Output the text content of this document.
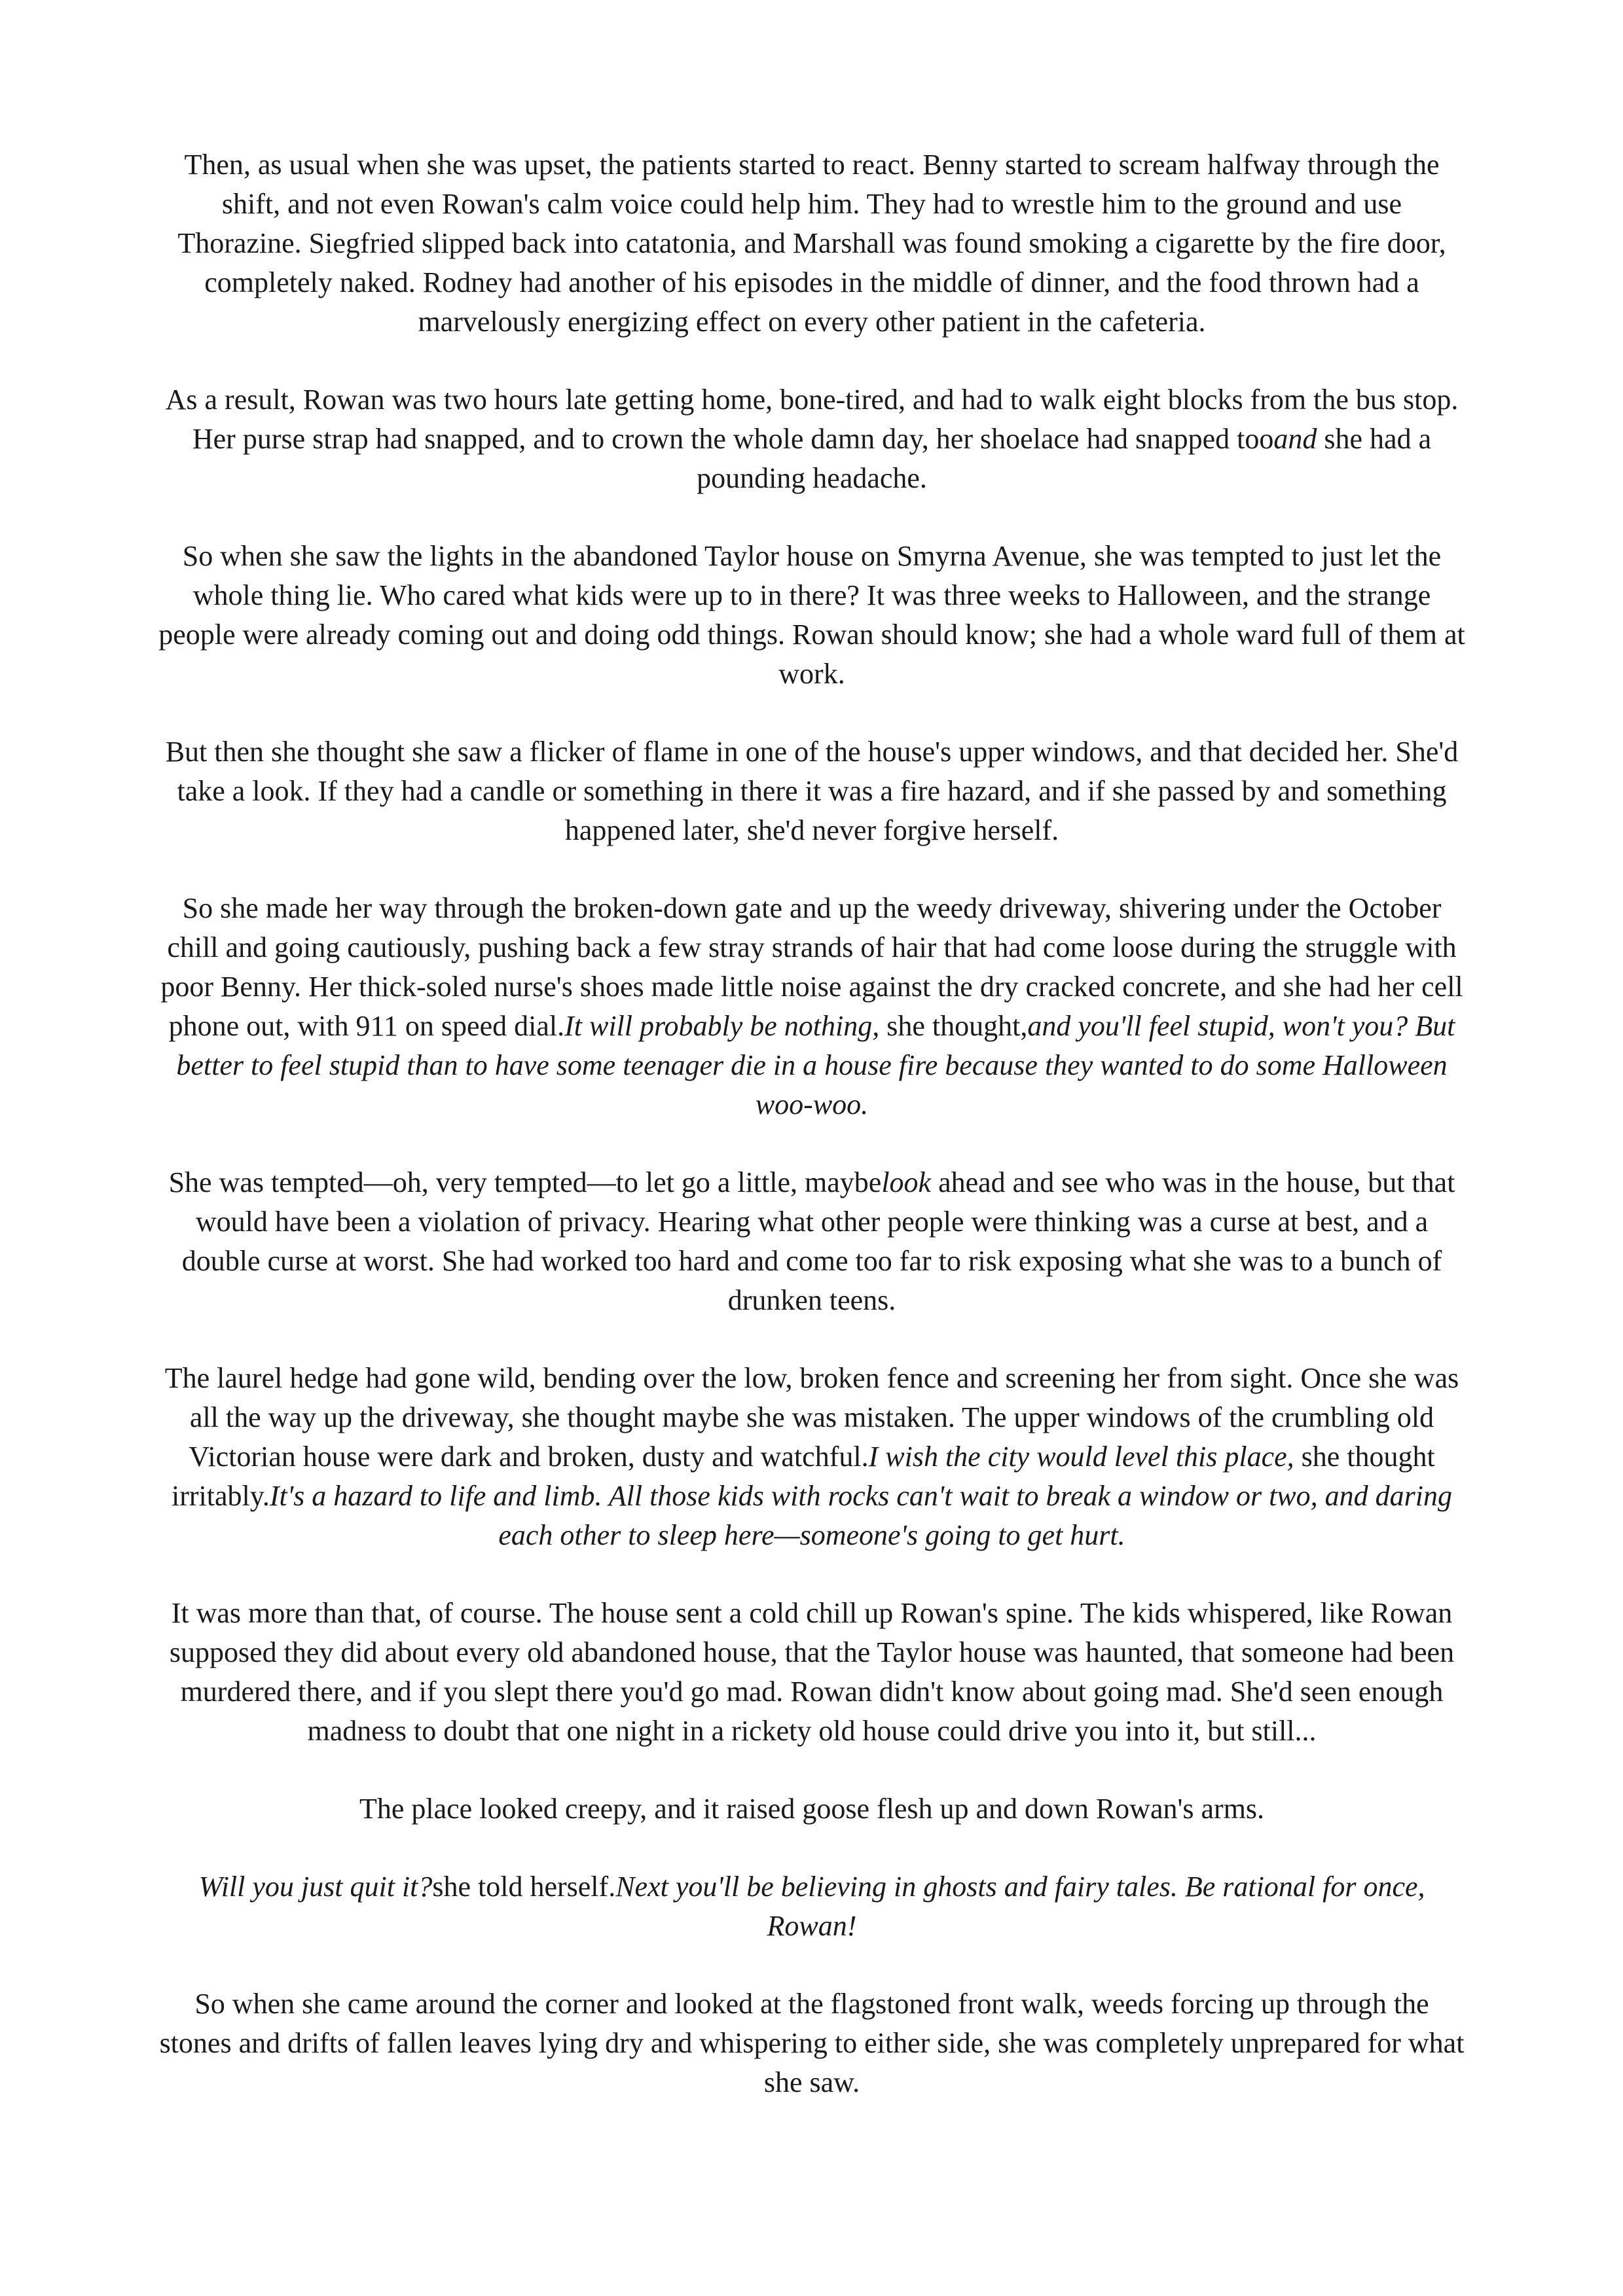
Then, as usual when she was upset, the patients started to react. Benny started to scream halfway through the shift, and not even Rowan's calm voice could help him. They had to wrestle him to the ground and use Thorazine. Siegfried slipped back into catatonia, and Marshall was found smoking a cigarette by the fire door, completely naked. Rodney had another of his episodes in the middle of dinner, and the food thrown had a marvelously energizing effect on every other patient in the cafeteria.

As a result, Rowan was two hours late getting home, bone-tired, and had to walk eight blocks from the bus stop. Her purse strap had snapped, and to crown the whole damn day, her shoelace had snapped tooand she had a pounding headache.

So when she saw the lights in the abandoned Taylor house on Smyrna Avenue, she was tempted to just let the whole thing lie. Who cared what kids were up to in there? It was three weeks to Halloween, and the strange people were already coming out and doing odd things. Rowan should know; she had a whole ward full of them at work.

But then she thought she saw a flicker of flame in one of the house's upper windows, and that decided her. She'd take a look. If they had a candle or something in there it was a fire hazard, and if she passed by and something happened later, she'd never forgive herself.

So she made her way through the broken-down gate and up the weedy driveway, shivering under the October chill and going cautiously, pushing back a few stray strands of hair that had come loose during the struggle with poor Benny. Her thick-soled nurse's shoes made little noise against the dry cracked concrete, and she had her cell phone out, with 911 on speed dial.It will probably be nothing, she thought,and you'll feel stupid, won't you? But better to feel stupid than to have some teenager die in a house fire because they wanted to do some Halloween woo-woo.

She was tempted—oh, very tempted—to let go a little, maybelook ahead and see who was in the house, but that would have been a violation of privacy. Hearing what other people were thinking was a curse at best, and a double curse at worst. She had worked too hard and come too far to risk exposing what she was to a bunch of drunken teens.

The laurel hedge had gone wild, bending over the low, broken fence and screening her from sight. Once she was all the way up the driveway, she thought maybe she was mistaken. The upper windows of the crumbling old Victorian house were dark and broken, dusty and watchful.I wish the city would level this place, she thought irritably.It's a hazard to life and limb. All those kids with rocks can't wait to break a window or two, and daring each other to sleep here—someone's going to get hurt.

It was more than that, of course. The house sent a cold chill up Rowan's spine. The kids whispered, like Rowan supposed they did about every old abandoned house, that the Taylor house was haunted, that someone had been murdered there, and if you slept there you'd go mad. Rowan didn't know about going mad. She'd seen enough madness to doubt that one night in a rickety old house could drive you into it, but still...

The place looked creepy, and it raised goose flesh up and down Rowan's arms.

Will you just quit it?she told herself.Next you'll be believing in ghosts and fairy tales. Be rational for once, Rowan!

So when she came around the corner and looked at the flagstoned front walk, weeds forcing up through the stones and drifts of fallen leaves lying dry and whispering to either side, she was completely unprepared for what she saw.
